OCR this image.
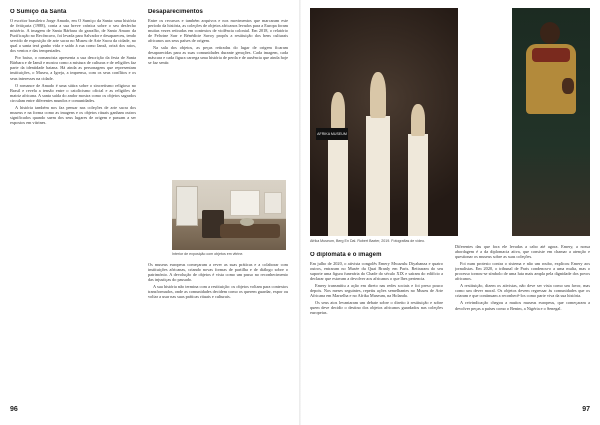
O Sumiço da Santa

O escritor brasileiro Jorge Amado, em O Sumiço da Santa: uma história de feitiçaria (1988), conta a sua breve crónica sobre o seu desfecho mistério. A imagem de Santa Bárbara do garrafão, de Santo Amaro da Purificação no Recôncavo, foi levada para Salvador e desapareceu, tendo servido de exposição de arte sacra no Museu de Arte Sacra da cidade, no qual a santa terá ganho vida e saído à rua como Iansã, orixá dos raios, dos ventos e das tempestades.

Por baixo, o romancista apresenta a sua descrição da festa de Santa Bárbara e de Iansã e mostra como a mistura de culturas e de religiões faz parte da identidade baiana. Há ainda as personagens que representam instituições, o Museu, a Igreja, a imprensa, com os seus conflitos e os seus interesses na cidade.

O romance de Amado é uma sátira sobre o sincretismo religioso no Brasil e revela a tensão entre o catolicismo oficial e as religiões de matriz africana. A santa saída do andor mostra como os objetos sagrados circulam entre diferentes mundos e comunidades.

A história também nos faz pensar nas coleções de arte sacra dos museus e na forma como as imagens e os objetos rituais ganham outros significados quando saem dos seus lugares de origem e passam a ser expostos em vitrines.

Desaparecimentos

Entre os recursos e também arquivos e nos movimentos que marcaram este período da história, as coleções de objetos africanos levados para a Europa foram muitas vezes retiradas em contextos de violência colonial. Em 2018, o relatório de Felwine Sarr e Bénédicte Savoy propôs a restituição dos bens culturais africanos aos seus países de origem.

Na sala dos objetos, as peças retiradas do lugar de origem ficaram desaparecidas para as suas comunidades durante gerações. Cada imagem, cada máscara e cada figura carrega uma história de perda e de ausência que ainda hoje se faz sentir.

Interior de exposição com objetos em vitrine.

Os museus europeus começaram a rever as suas práticas e a colaborar com instituições africanas, criando novas formas de partilha e de diálogo sobre o património. A devolução de objetos é vista como um passo no reconhecimento das injustiças do passado.

A sua história não termina com a restituição: os objetos voltam para contextos transformados, onde as comunidades decidem como os querem guardar, expor ou voltar a usar nas suas práticas rituais e culturais.

96
AFRIKA MUSEUM
Afrika Museum, Berg En Dal. Robert Baxter, 2019. Fotografias de vídeo.
O diplomata e o imagem

Em julho de 2020, o ativista congolês Emery Mwazulu Diyabanza e quatro outros, entraram no Musée du Quai Branly em Paris. Retiraram do seu suporte uma figura funerária do Chade do século XIX e saíram do edifício a declarar que estavam a devolver aos africanos o que lhes pertencia.

Emery transmitiu a ação em direto nas redes sociais e foi preso pouco depois. Nos meses seguintes, repetiu ações semelhantes no Museu de Arte Africana em Marselha e no Afrika Museum, na Holanda.

Os seus atos levantaram um debate sobre o direito à restituição e sobre quem deve decidir o destino dos objetos africanos guardados nas coleções europeias.

Diferentes das que fora ele levadas a cabo até agora. Emery, a nossa abordagem é a da diplomacia ativa, que consiste em chamar a atenção e questionar os museus sobre as suas coleções.

Foi num protesto contra o sistema e não um roubo, explicou Emery aos jornalistas. Em 2020, o tribunal de Paris condenou-o a uma multa, mas o processo tornou-se símbolo de uma luta mais ampla pela dignidade dos povos africanos.

A restituição, dizem os ativistas, não deve ser vista como um favor, mas como um dever moral. Os objetos devem regressar às comunidades que os criaram e que continuam a reconhecê-los como parte viva da sua história.

A reivindicação chegou a muitos museus europeus, que começaram a devolver peças a países como o Benim, a Nigéria e o Senegal.

97
